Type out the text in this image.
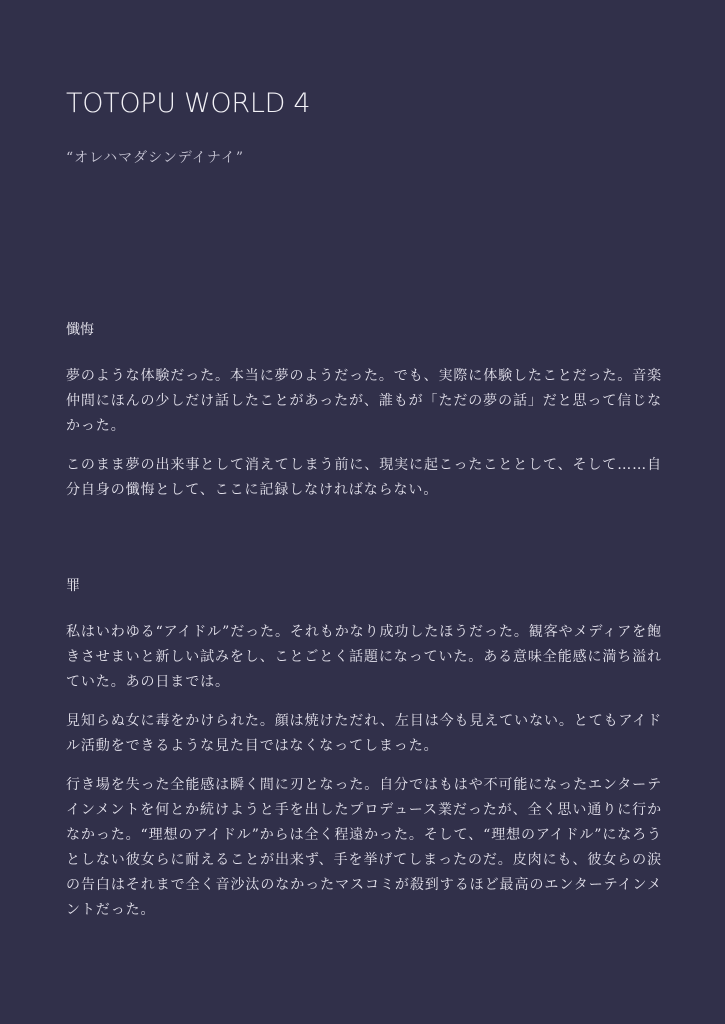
TOTOPU WORLD 4

“オレハマダシンデイナイ”

懺悔

夢のような体験だった。本当に夢のようだった。でも、実際に体験したことだった。音楽仲間にほんの少しだけ話したことがあったが、誰もが「ただの夢の話」だと思って信じなかった。

このまま夢の出来事として消えてしまう前に、現実に起こったこととして、そして……自分自身の懺悔として、ここに記録しなければならない。

罪

私はいわゆる“アイドル”だった。それもかなり成功したほうだった。観客やメディアを飽きさせまいと新しい試みをし、ことごとく話題になっていた。ある意味全能感に満ち溢れていた。あの日までは。

見知らぬ女に毒をかけられた。顔は焼けただれ、左目は今も見えていない。とてもアイドル活動をできるような見た目ではなくなってしまった。

行き場を失った全能感は瞬く間に刃となった。自分ではもはや不可能になったエンターテインメントを何とか続けようと手を出したプロデュース業だったが、全く思い通りに行かなかった。“理想のアイドル”からは全く程遠かった。そして、“理想のアイドル”になろうとしない彼女らに耐えることが出来ず、手を挙げてしまったのだ。皮肉にも、彼女らの涙の告白はそれまで全く音沙汰のなかったマスコミが殺到するほど最高のエンターテインメントだった。
